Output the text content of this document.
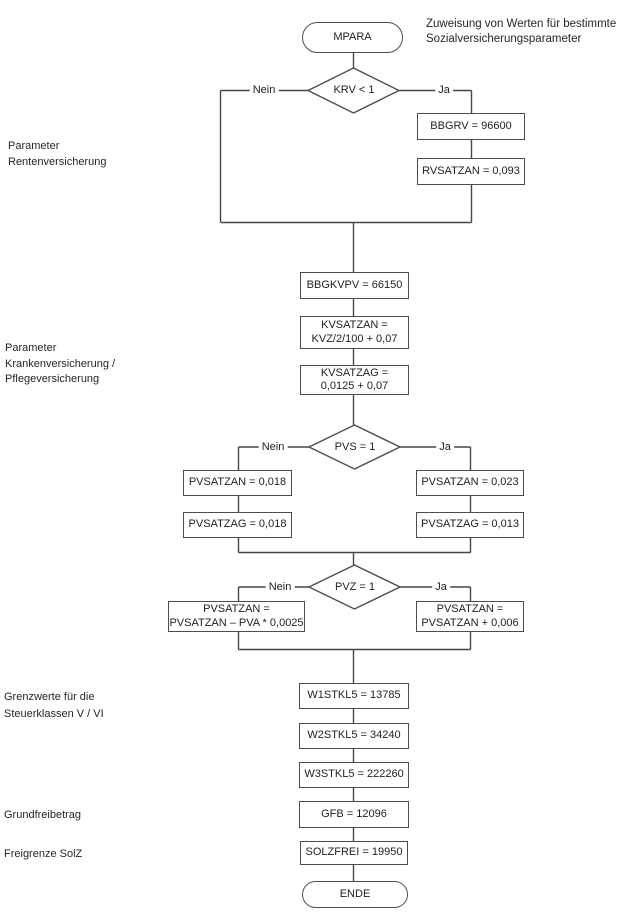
Zuweisung von Werten für bestimmte
Sozialversicherungsparameter
Parameter
Rentenversicherung
Parameter
Krankenversicherung /
Pflegeversicherung
Grenzwerte für die
Steuerklassen V / VI
Grundfreibetrag
Freigrenze SolZ
MPARA
ENDE
KRV < 1
PVS = 1
PVZ = 1
Nein	Ja
Nein	Ja
Nein	Ja
BBGRV = 96600
RVSATZAN = 0,093
BBGKVPV = 66150
KVSATZAN =
KVZ/2/100 + 0,07
KVSATZAG =
0,0125 + 0,07
PVSATZAN = 0,018
PVSATZAG = 0,018
PVSATZAN = 0,023
PVSATZAG = 0,013
PVSATZAN =
PVSATZAN – PVA * 0,0025
PVSATZAN =
PVSATZAN + 0,006
W1STKL5 = 13785
W2STKL5 = 34240
W3STKL5 = 222260
GFB = 12096
SOLZFREI = 19950
